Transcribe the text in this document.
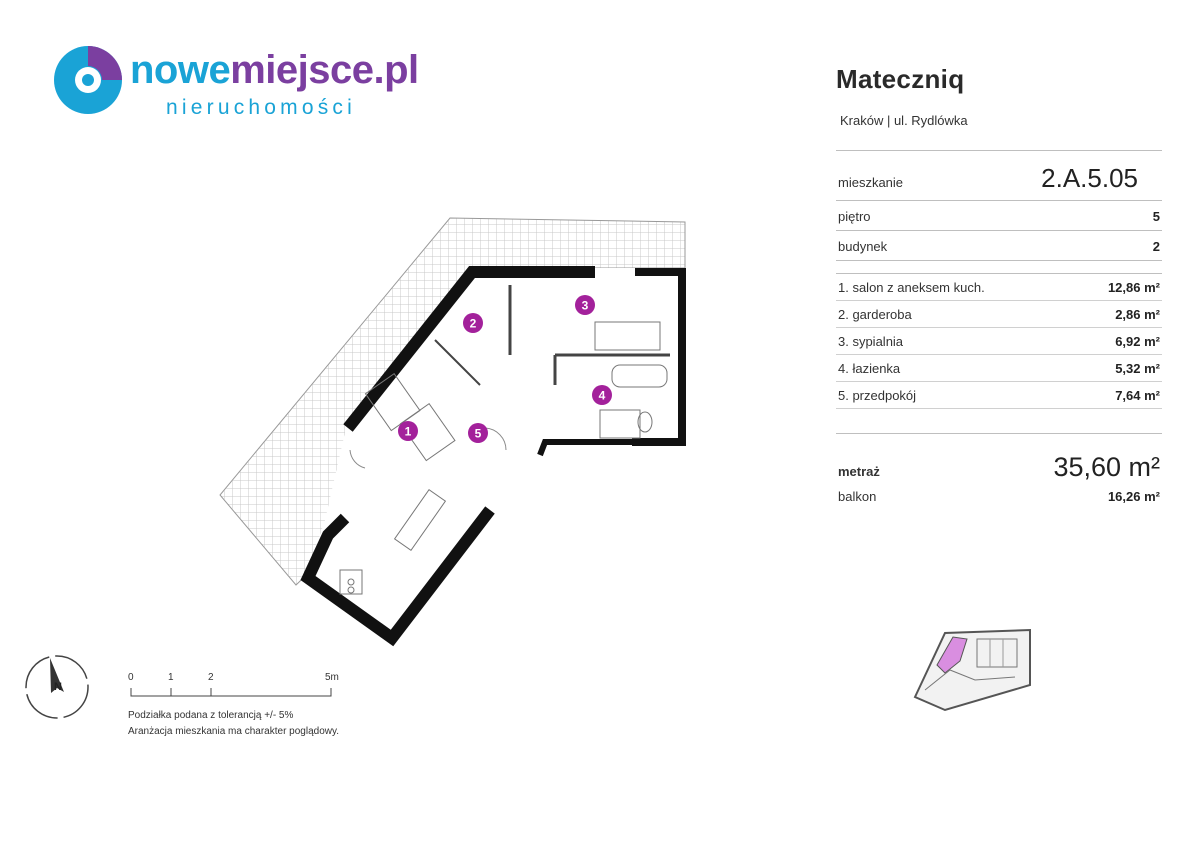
nowemiejsce.pl
nieruchomości
1
2
3
4
5
N
0	1	2	5m
Podziałka podana z tolerancją +/- 5%
Aranżacja mieszkania ma charakter poglądowy.
Mateczniq
Kraków | ul. Rydlówka
mieszkanie	2.A.5.05
piętro	5
budynek	2
1. salon z aneksem kuch.	12,86 m²
2. garderoba	2,86 m²
3. sypialnia	6,92 m²
4. łazienka	5,32 m²
5. przedpokój	7,64 m²
metraż	35,60 m²
balkon	16,26 m²
